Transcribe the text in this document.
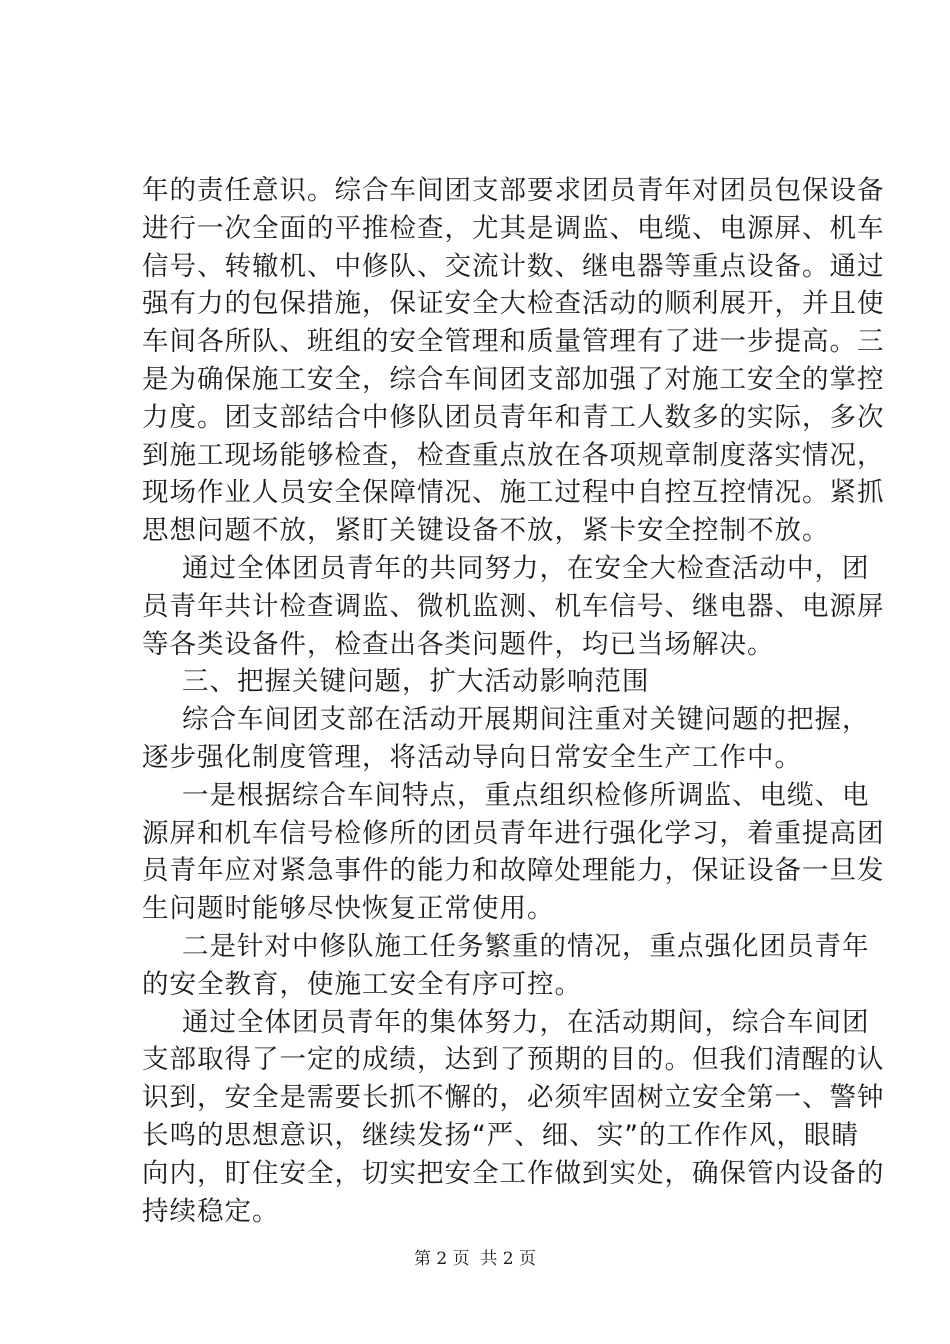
年的责任意识。综合车间团支部要求团员青年对团员包保设备
进行一次全面的平推检查，尤其是调监、电缆、电源屏、机车
信号、转辙机、中修队、交流计数、继电器等重点设备。通过
强有力的包保措施，保证安全大检查活动的顺利展开，并且使
车间各所队、班组的安全管理和质量管理有了进一步提高。三
是为确保施工安全，综合车间团支部加强了对施工安全的掌控
力度。团支部结合中修队团员青年和青工人数多的实际，多次
到施工现场能够检查，检查重点放在各项规章制度落实情况，
现场作业人员安全保障情况、施工过程中自控互控情况。紧抓
思想问题不放，紧盯关键设备不放，紧卡安全控制不放。
通过全体团员青年的共同努力，在安全大检查活动中，团
员青年共计检查调监、微机监测、机车信号、继电器、电源屏
等各类设备件，检查出各类问题件，均已当场解决。
三、把握关键问题，扩大活动影响范围
综合车间团支部在活动开展期间注重对关键问题的把握，
逐步强化制度管理，将活动导向日常安全生产工作中。
一是根据综合车间特点，重点组织检修所调监、电缆、电
源屏和机车信号检修所的团员青年进行强化学习，着重提高团
员青年应对紧急事件的能力和故障处理能力，保证设备一旦发
生问题时能够尽快恢复正常使用。
二是针对中修队施工任务繁重的情况，重点强化团员青年
的安全教育，使施工安全有序可控。
通过全体团员青年的集体努力，在活动期间，综合车间团
支部取得了一定的成绩，达到了预期的目的。但我们清醒的认
识到，安全是需要长抓不懈的，必须牢固树立安全第一、警钟
长鸣的思想意识，继续发扬“严、细、实”的工作作风，眼睛
向内，盯住安全，切实把安全工作做到实处，确保管内设备的
持续稳定。
第 2 页  共 2 页
